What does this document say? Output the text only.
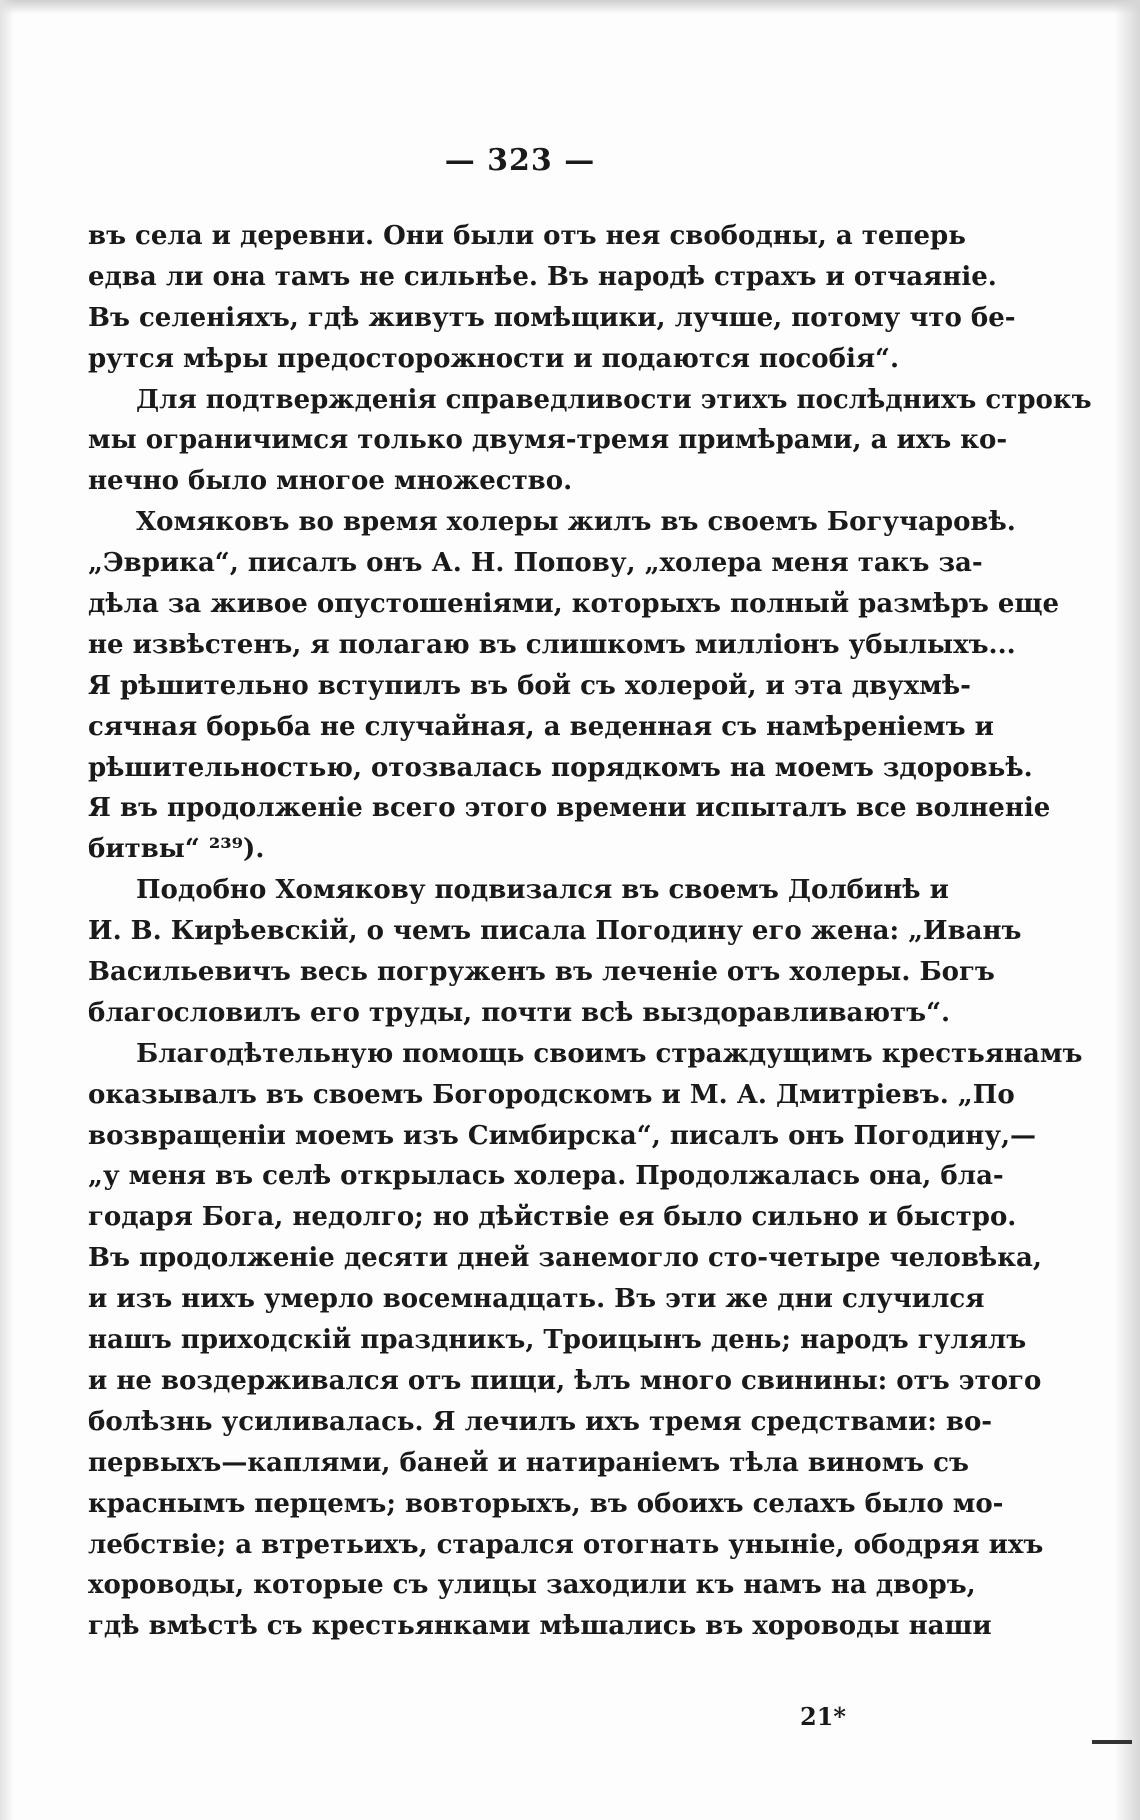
— 323 —
въ села и деревни. Они были отъ нея свободны, а теперь
едва ли она тамъ не сильнѣе. Въ народѣ страхъ и отчаяніе.
Въ селеніяхъ, гдѣ живутъ помѣщики, лучше, потому что бе-
рутся мѣры предосторожности и подаются пособія“.
Для подтвержденія справедливости этихъ послѣднихъ строкъ
мы ограничимся только двумя-тремя примѣрами, а ихъ ко-
нечно было многое множество.
Хомяковъ во время холеры жилъ въ своемъ Богучаровѣ.
„Эврика“, писалъ онъ А. Н. Попову, „холера меня такъ за-
дѣла за живое опустошеніями, которыхъ полный размѣръ еще
не извѣстенъ, я полагаю въ слишкомъ милліонъ убылыхъ...
Я рѣшительно вступилъ въ бой съ холерой, и эта двухмѣ-
сячная борьба не случайная, а веденная съ намѣреніемъ и
рѣшительностью, отозвалась порядкомъ на моемъ здоровьѣ.
Я въ продолженіе всего этого времени испыталъ все волненіе
битвы“ ²³⁹).
Подобно Хомякову подвизался въ своемъ Долбинѣ и
И. В. Кирѣевскій, о чемъ писала Погодину его жена: „Иванъ
Васильевичъ весь погруженъ въ леченіе отъ холеры. Богъ
благословилъ его труды, почти всѣ выздоравливаютъ“.
Благодѣтельную помощь своимъ страждущимъ крестьянамъ
оказывалъ въ своемъ Богородскомъ и М. А. Дмитріевъ. „По
возвращеніи моемъ изъ Симбирска“, писалъ онъ Погодину,—
„у меня въ селѣ открылась холера. Продолжалась она, бла-
годаря Бога, недолго; но дѣйствіе ея было сильно и быстро.
Въ продолженіе десяти дней занемогло сто-четыре человѣка,
и изъ нихъ умерло восемнадцать. Въ эти же дни случился
нашъ приходскій праздникъ, Троицынъ день; народъ гулялъ
и не воздерживался отъ пищи, ѣлъ много свинины: отъ этого
болѣзнь усиливалась. Я лечилъ ихъ тремя средствами: во-
первыхъ—каплями, баней и натираніемъ тѣла виномъ съ
краснымъ перцемъ; вовторыхъ, въ обоихъ селахъ было мо-
лебствіе; а втретьихъ, старался отогнать уныніе, ободряя ихъ
хороводы, которые съ улицы заходили къ намъ на дворъ,
гдѣ вмѣстѣ съ крестьянками мѣшались въ хороводы наши
21*
